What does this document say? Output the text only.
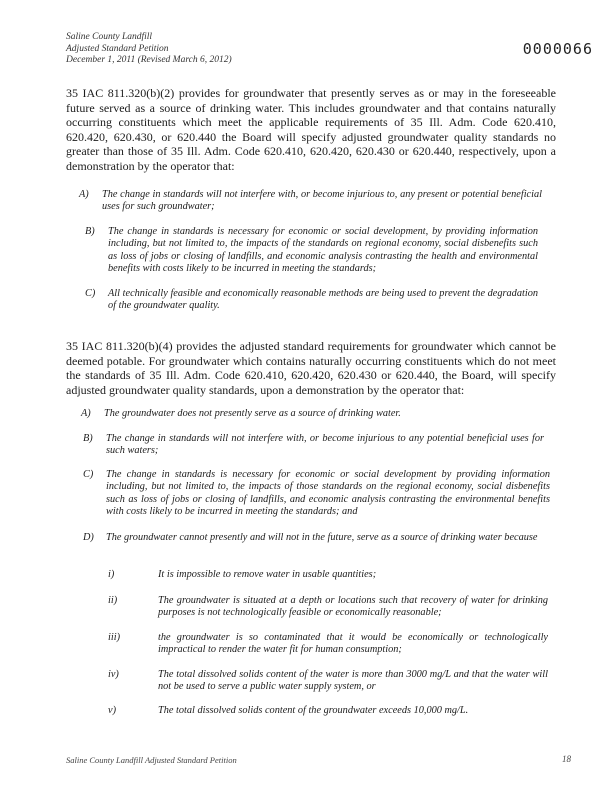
Saline County Landfill
Adjusted Standard Petition
December 1, 2011 (Revised March 6, 2012)
0000066
35 IAC 811.320(b)(2) provides for groundwater that presently serves as or may in the foreseeable future served as a source of drinking water. This includes groundwater and that contains naturally occurring constituents which meet the applicable requirements of 35 Ill. Adm. Code 620.410, 620.420, 620.430, or 620.440 the Board will specify adjusted groundwater quality standards no greater than those of 35 Ill. Adm. Code 620.410, 620.420, 620.430 or 620.440, respectively, upon a demonstration by the operator that:
A) The change in standards will not interfere with, or become injurious to, any present or potential beneficial uses for such groundwater;
B) The change in standards is necessary for economic or social development, by providing information including, but not limited to, the impacts of the standards on regional economy, social disbenefits such as loss of jobs or closing of landfills, and economic analysis contrasting the health and environmental benefits with costs likely to be incurred in meeting the standards;
C) All technically feasible and economically reasonable methods are being used to prevent the degradation of the groundwater quality.
35 IAC 811.320(b)(4) provides the adjusted standard requirements for groundwater which cannot be deemed potable. For groundwater which contains naturally occurring constituents which do not meet the standards of 35 Ill. Adm. Code 620.410, 620.420, 620.430 or 620.440, the Board, will specify adjusted groundwater quality standards, upon a demonstration by the operator that:
A) The groundwater does not presently serve as a source of drinking water.
B) The change in standards will not interfere with, or become injurious to any potential beneficial uses for such waters;
C) The change in standards is necessary for economic or social development by providing information including, but not limited to, the impacts of those standards on the regional economy, social disbenefits such as loss of jobs or closing of landfills, and economic analysis contrasting the environmental benefits with costs likely to be incurred in meeting the standards; and
D) The groundwater cannot presently and will not in the future, serve as a source of drinking water because
i)	It is impossible to remove water in usable quantities;
ii)	The groundwater is situated at a depth or locations such that recovery of water for drinking purposes is not technologically feasible or economically reasonable;
iii)	the groundwater is so contaminated that it would be economically or technologically impractical to render the water fit for human consumption;
iv)	The total dissolved solids content of the water is more than 3000 mg/L and that the water will not be used to serve a public water supply system, or
v)	The total dissolved solids content of the groundwater exceeds 10,000 mg/L.
Saline County Landfill Adjusted Standard Petition	18
